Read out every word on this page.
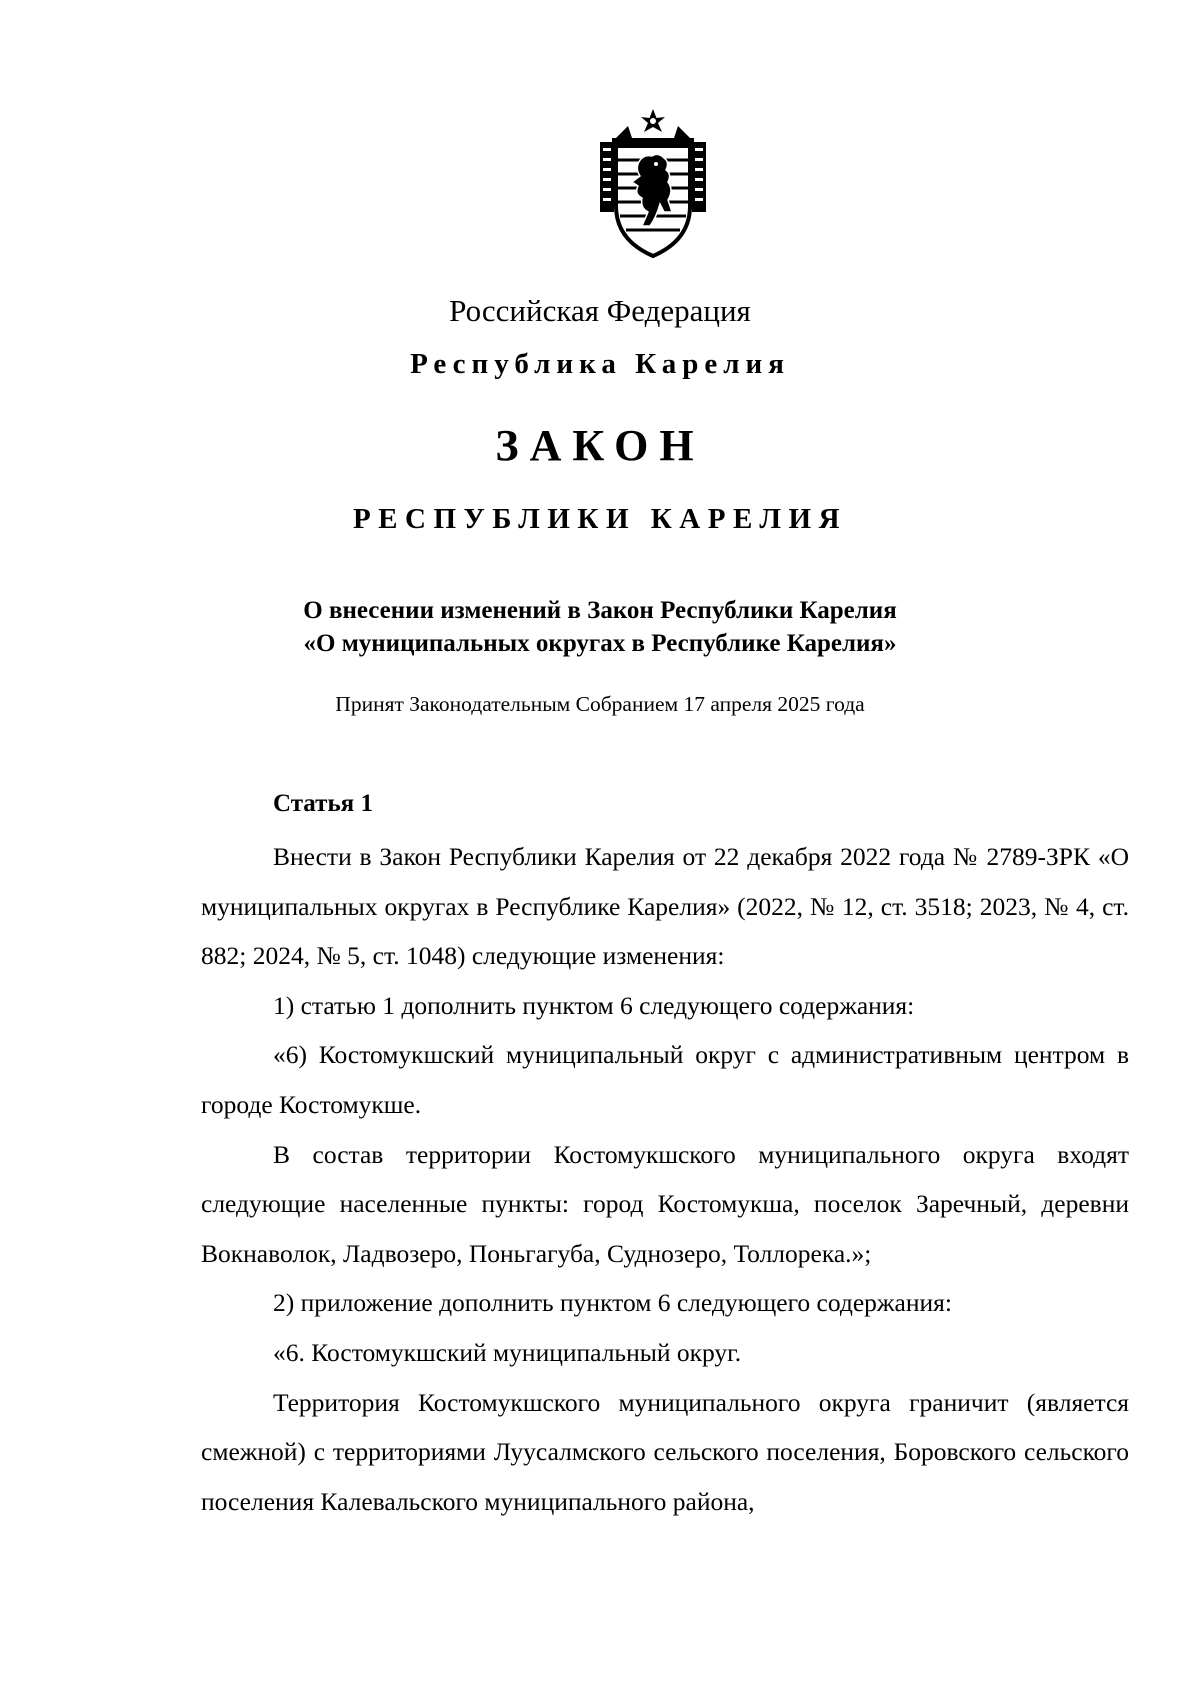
Российская Федерация
Республика Карелия
ЗАКОН
РЕСПУБЛИКИ КАРЕЛИЯ
О внесении изменений в Закон Республики Карелия
«О муниципальных округах в Республике Карелия»
Принят Законодательным Собранием 17 апреля 2025 года
Статья 1

Внести в Закон Республики Карелия от 22 декабря 2022 года № 2789-ЗРК «О муниципальных округах в Республике Карелия» (2022, № 12, ст. 3518; 2023, № 4, ст. 882; 2024, № 5, ст. 1048) следующие изменения:

1) статью 1 дополнить пунктом 6 следующего содержания:

«6) Костомукшский муниципальный округ с административным центром в городе Костомукше.

В состав территории Костомукшского муниципального округа входят следующие населенные пункты: город Костомукша, поселок Заречный, деревни Вокнаволок, Ладвозеро, Поньгагуба, Суднозеро, Толлорека.»;

2) приложение дополнить пунктом 6 следующего содержания:

«6. Костомукшский муниципальный округ.

Территория Костомукшского муниципального округа граничит (является смежной) с территориями Луусалмского сельского поселения, Боровского сельского поселения Калевальского муниципального района,
